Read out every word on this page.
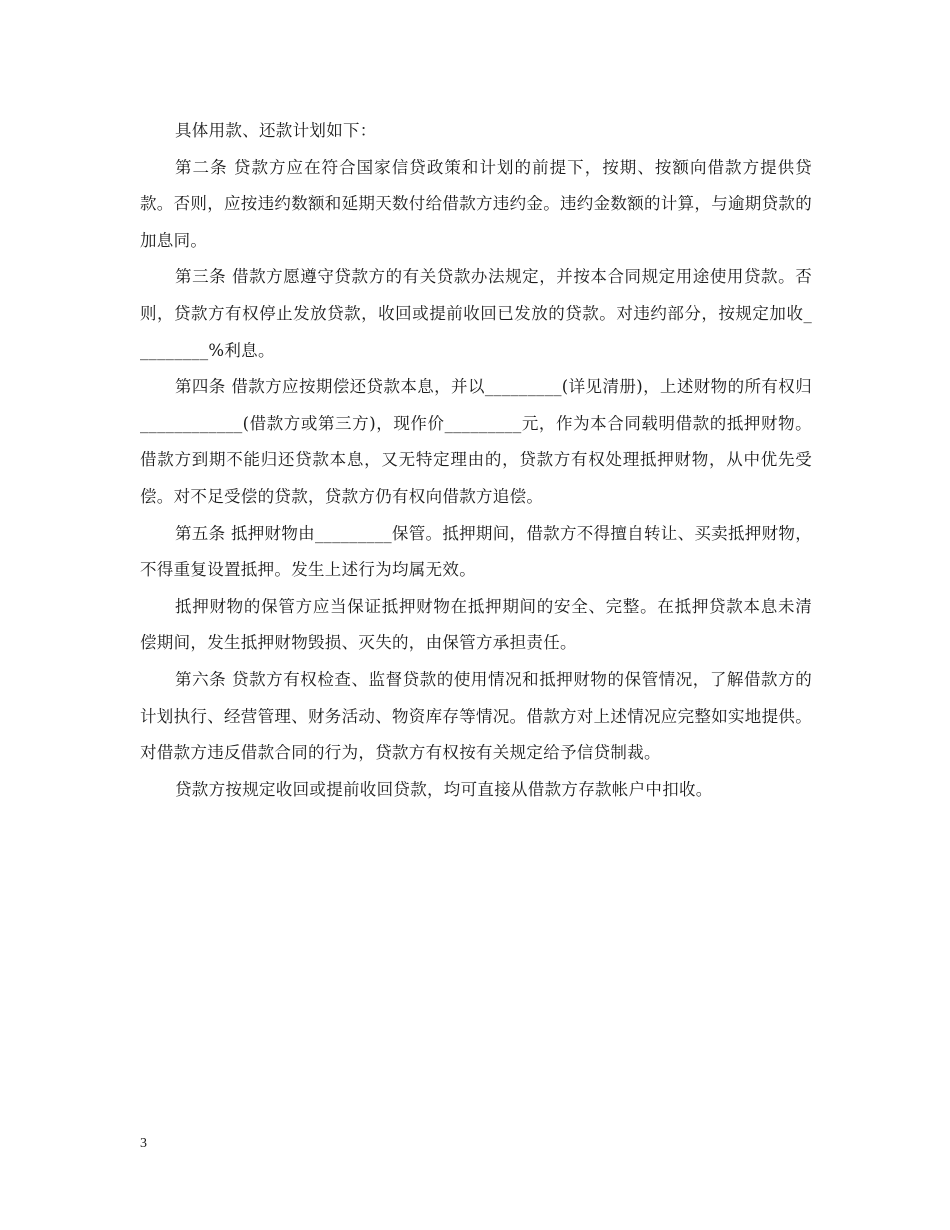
具体用款、还款计划如下：

第二条 贷款方应在符合国家信贷政策和计划的前提下，按期、按额向借款方提供贷款。否则，应按违约数额和延期天数付给借款方违约金。违约金数额的计算，与逾期贷款的加息同。

第三条 借款方愿遵守贷款方的有关贷款办法规定，并按本合同规定用途使用贷款。否则，贷款方有权停止发放贷款，收回或提前收回已发放的贷款。对违约部分，按规定加收_________%利息。

第四条 借款方应按期偿还贷款本息，并以_________(详见清册)，上述财物的所有权归____________(借款方或第三方)，现作价_________元，作为本合同载明借款的抵押财物。借款方到期不能归还贷款本息，又无特定理由的，贷款方有权处理抵押财物，从中优先受偿。对不足受偿的贷款，贷款方仍有权向借款方追偿。

第五条 抵押财物由_________保管。抵押期间，借款方不得擅自转让、买卖抵押财物，不得重复设置抵押。发生上述行为均属无效。

抵押财物的保管方应当保证抵押财物在抵押期间的安全、完整。在抵押贷款本息未清偿期间，发生抵押财物毁损、灭失的，由保管方承担责任。

第六条 贷款方有权检查、监督贷款的使用情况和抵押财物的保管情况，了解借款方的计划执行、经营管理、财务活动、物资库存等情况。借款方对上述情况应完整如实地提供。对借款方违反借款合同的行为，贷款方有权按有关规定给予信贷制裁。

贷款方按规定收回或提前收回贷款，均可直接从借款方存款帐户中扣收。

3
